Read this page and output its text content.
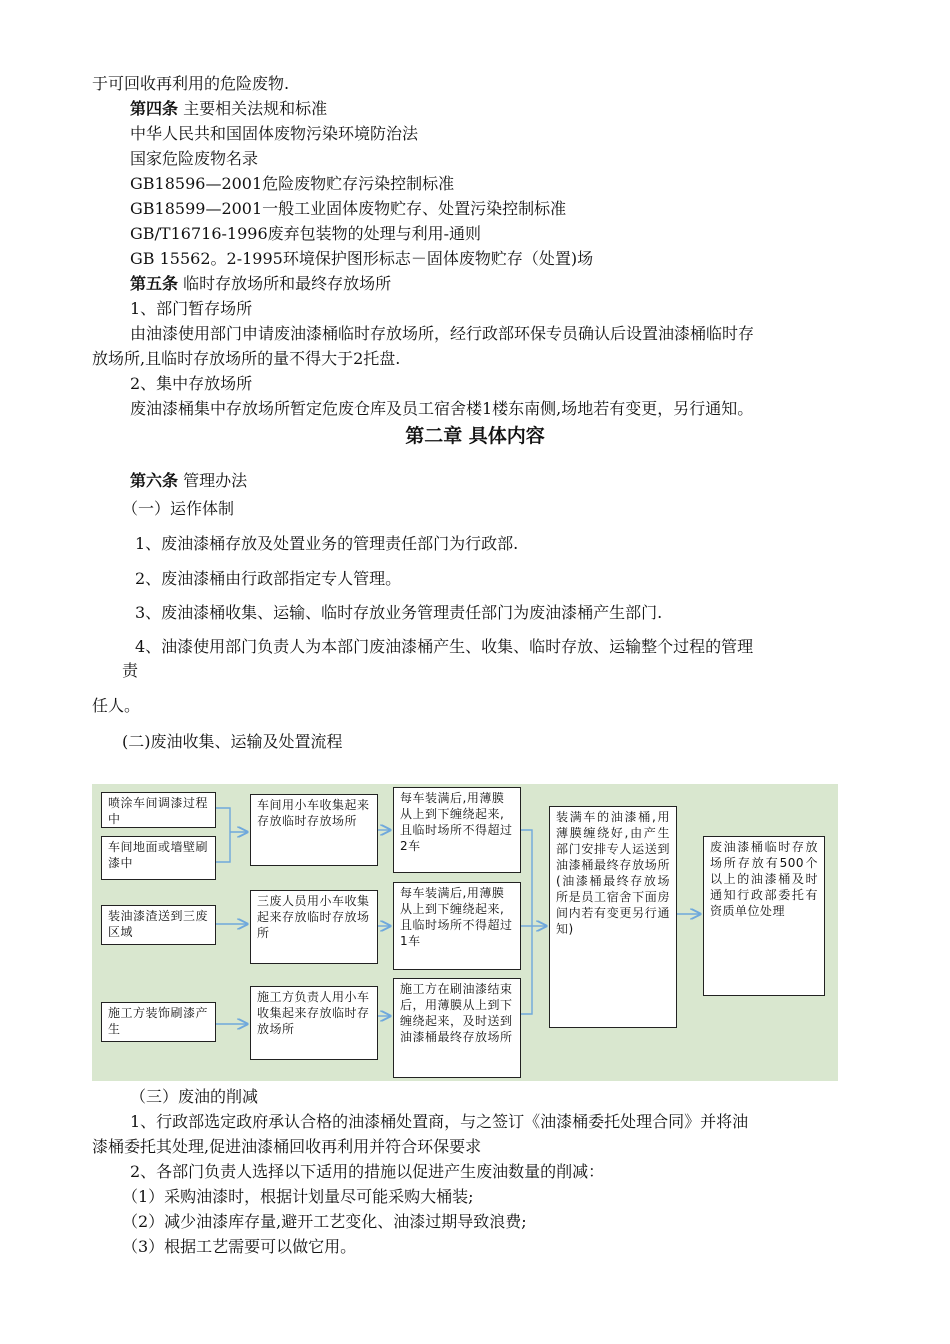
于可回收再利用的危险废物.
第四条 主要相关法规和标准
中华人民共和国固体废物污染环境防治法
国家危险废物名录
GB18596—2001危险废物贮存污染控制标准
GB18599—2001一般工业固体废物贮存、处置污染控制标准
GB/T16716-1996废弃包装物的处理与利用-通则
GB 15562。2-1995环境保护图形标志－固体废物贮存（处置)场
第五条 临时存放场所和最终存放场所
1、部门暂存场所
由油漆使用部门申请废油漆桶临时存放场所，经行政部环保专员确认后设置油漆桶临时存
放场所,且临时存放场所的量不得大于2托盘.
2、集中存放场所
废油漆桶集中存放场所暂定危废仓库及员工宿舍楼1楼东南侧,场地若有变更，另行通知。
第二章 具体内容
第六条 管理办法
（一）运作体制
1、废油漆桶存放及处置业务的管理责任部门为行政部.
2、废油漆桶由行政部指定专人管理。
3、废油漆桶收集、运输、临时存放业务管理责任部门为废油漆桶产生部门.
4、油漆使用部门负责人为本部门废油漆桶产生、收集、临时存放、运输整个过程的管理
责
任人。
(二)废油收集、运输及处置流程
喷涂车间调漆过程中
车间地面或墙壁刷漆中
装油漆渣送到三废区域
施工方装饰刷漆产生
车间用小车收集起来存放临时存放场所
三废人员用小车收集起来存放临时存放场所
施工方负责人用小车收集起来存放临时存放场所
每车装满后,用薄膜从上到下缠绕起来,且临时场所不得超过2车
每车装满后,用薄膜从上到下缠绕起来,且临时场所不得超过1车
施工方在刷油漆结束后，用薄膜从上到下缠绕起来，及时送到油漆桶最终存放场所
装满车的油漆桶,用薄膜缠绕好,由产生部门安排专人运送到油漆桶最终存放场所(油漆桶最终存放场所是员工宿舍下面房间内若有变更另行通知)
废油漆桶临时存放场所存放有500个以上的油漆桶及时通知行政部委托有资质单位处理
（三）废油的削减
1、行政部选定政府承认合格的油漆桶处置商，与之签订《油漆桶委托处理合同》并将油
漆桶委托其处理,促进油漆桶回收再利用并符合环保要求
2、各部门负责人选择以下适用的措施以促进产生废油数量的削减：
（1）采购油漆时，根据计划量尽可能采购大桶装;
（2）减少油漆库存量,避开工艺变化、油漆过期导致浪费;
（3）根据工艺需要可以做它用。
